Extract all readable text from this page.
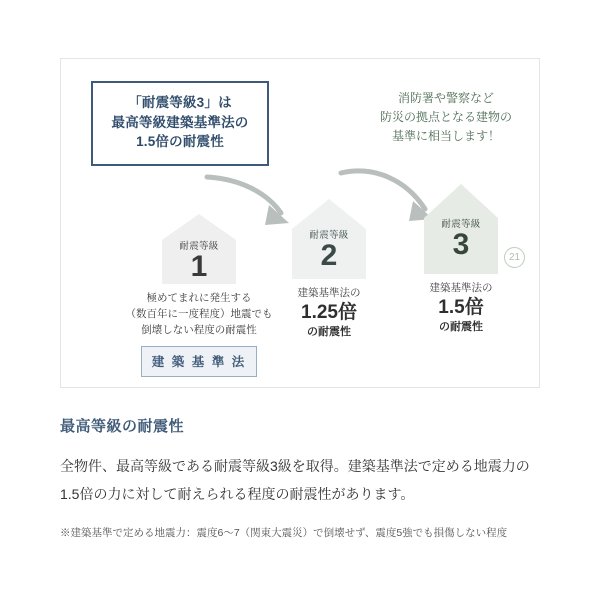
「耐震等級3」は
最高等級建築基準法の
1.5倍の耐震性
消防署や警察など
防災の拠点となる建物の
基準に相当します！
耐震等級
1
極めてまれに発生する
（数百年に一度程度）地震でも
倒壊しない程度の耐震性
建 築 基 準 法
耐震等級
2
建築基準法の
1.25倍
の耐震性
耐震等級
3	21
建築基準法の
1.5倍
の耐震性
最高等級の耐震性
全物件、最高等級である耐震等級3級を取得。建築基準法で定める地震力の1.5倍の力に対して耐えられる程度の耐震性があります。
※建築基準で定める地震力：震度6〜7（関東大震災）で倒壊せず、震度5強でも損傷しない程度
